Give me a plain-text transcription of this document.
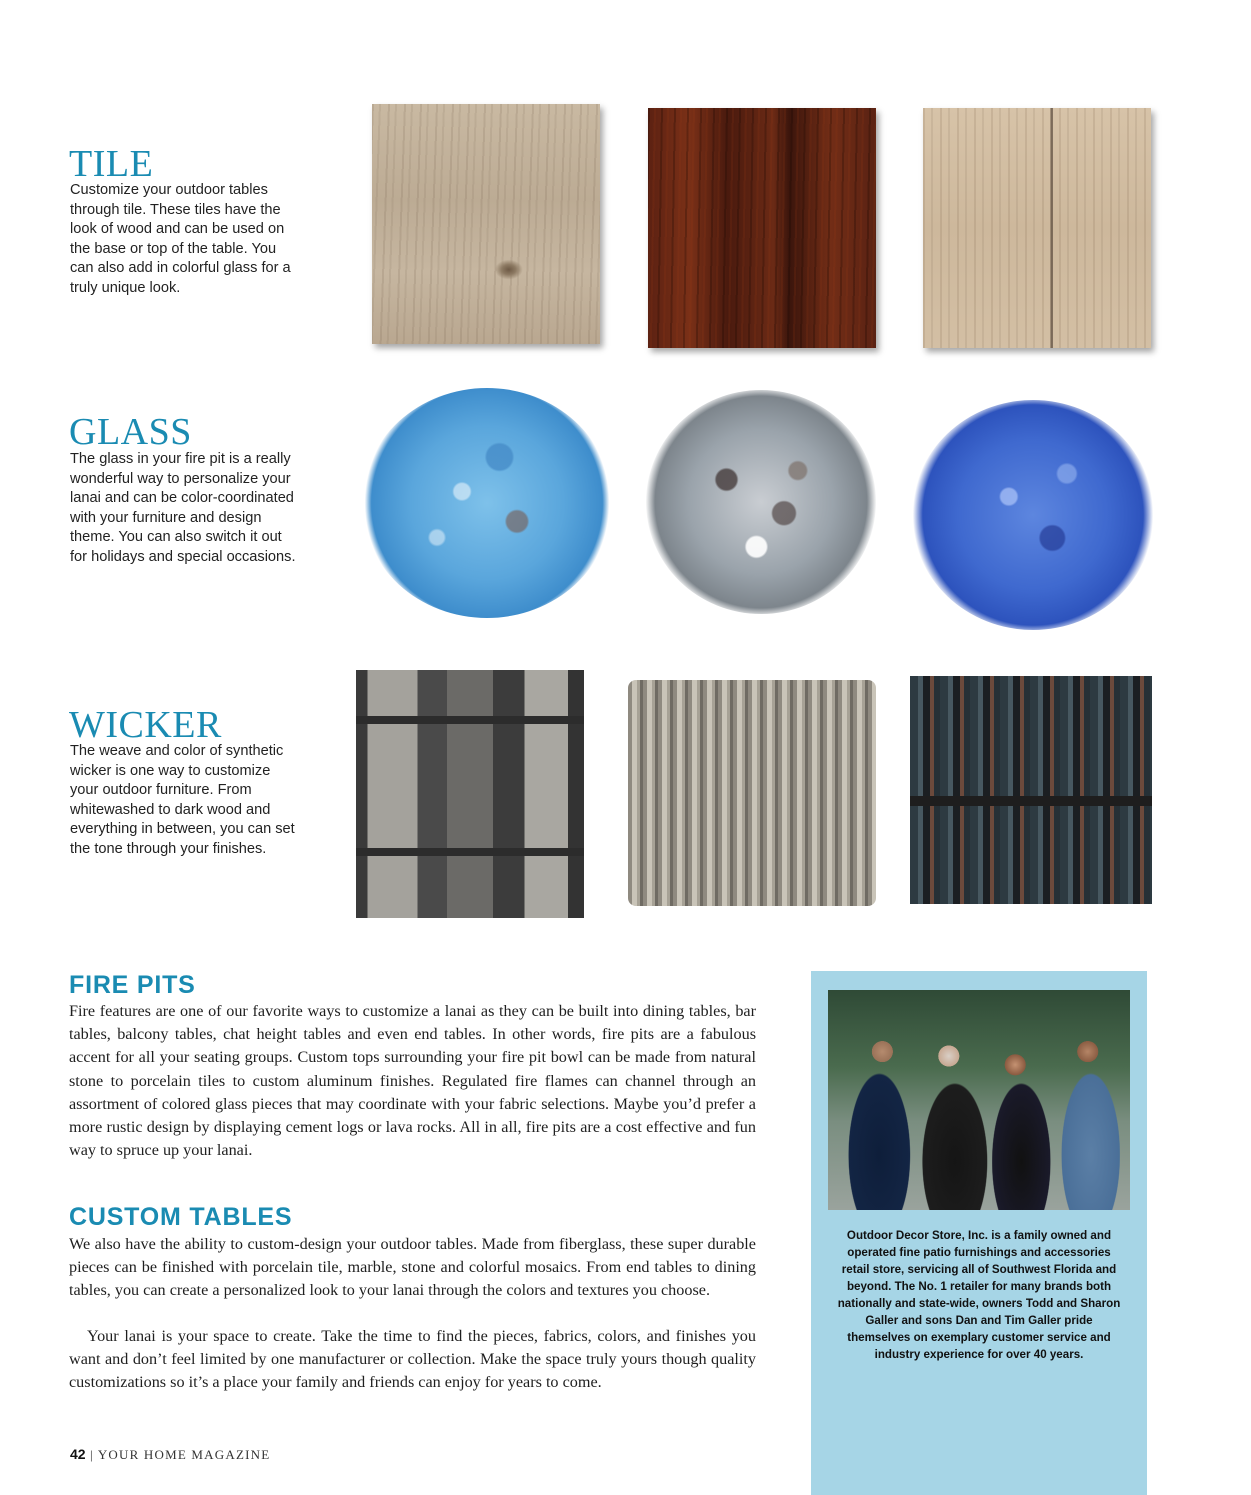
TILE

Customize your outdoor tables through tile. These tiles have the look of wood and can be used on the base or top of the table. You can also add in colorful glass for a truly unique look.

GLASS

The glass in your fire pit is a really wonderful way to personalize your lanai and can be color-coordinated with your furniture and design theme. You can also switch it out for holidays and special occasions.

WICKER

The weave and color of synthetic wicker is one way to customize your outdoor furniture. From whitewashed to dark wood and everything in between, you can set the tone through your finishes.

FIRE PITS

Fire features are one of our favorite ways to customize a lanai as they can be built into dining tables, bar tables, balcony tables, chat height tables and even end tables. In other words, fire pits are a fabulous accent for all your seating groups. Custom tops surrounding your fire pit bowl can be made from natural stone to porcelain tiles to custom aluminum finishes. Regulated fire flames can channel through an assortment of colored glass pieces that may coordinate with your fabric selections. Maybe you’d prefer a more rustic design by displaying cement logs or lava rocks. All in all, fire pits are a cost effective and fun way to spruce up your lanai.

CUSTOM TABLES

We also have the ability to custom-design your outdoor tables. Made from fiberglass, these super durable pieces can be finished with porcelain tile, marble, stone and colorful mosaics. From end tables to dining tables, you can create a personalized look to your lanai through the colors and textures you choose.

Your lanai is your space to create. Take the time to find the pieces, fabrics, colors, and finishes you want and don’t feel limited by one manufacturer or collection. Make the space truly yours though quality customizations so it’s a place your family and friends can enjoy for years to come.

Outdoor Decor Store, Inc. is a family owned and operated fine patio furnishings and accessories retail store, servicing all of Southwest Florida and beyond. The No. 1 retailer for many brands both nationally and state-wide, owners Todd and Sharon Galler and sons Dan and Tim Galler pride themselves on exemplary customer service and industry experience for over 40 years.

42 | YOUR HOME MAGAZINE
